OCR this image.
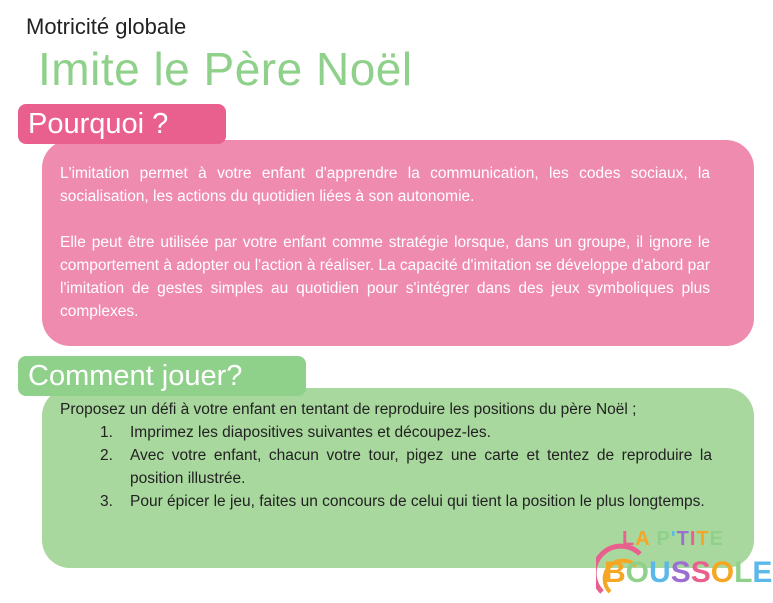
Motricité globale
Imite le Père Noël
Pourquoi ?

L'imitation permet à votre enfant d'apprendre la communication, les codes sociaux, la socialisation, les actions du quotidien liées à son autonomie.

Elle peut être utilisée par votre enfant comme stratégie lorsque, dans un groupe, il ignore le comportement à adopter ou l'action à réaliser. La capacité d'imitation se développe d'abord par l'imitation de gestes simples au quotidien pour s'intégrer dans des jeux symboliques plus complexes.

Comment jouer?

Proposez un défi à votre enfant en tentant de reproduire les positions du père Noël ;

1. Imprimez les diapositives suivantes et découpez-les.
2. Avec votre enfant, chacun votre tour, pigez une carte et tentez de reproduire la position illustrée.
3. Pour épicer le jeu, faites un concours de celui qui tient la position le plus longtemps.
LA P'TITE
BOUSSOLE
